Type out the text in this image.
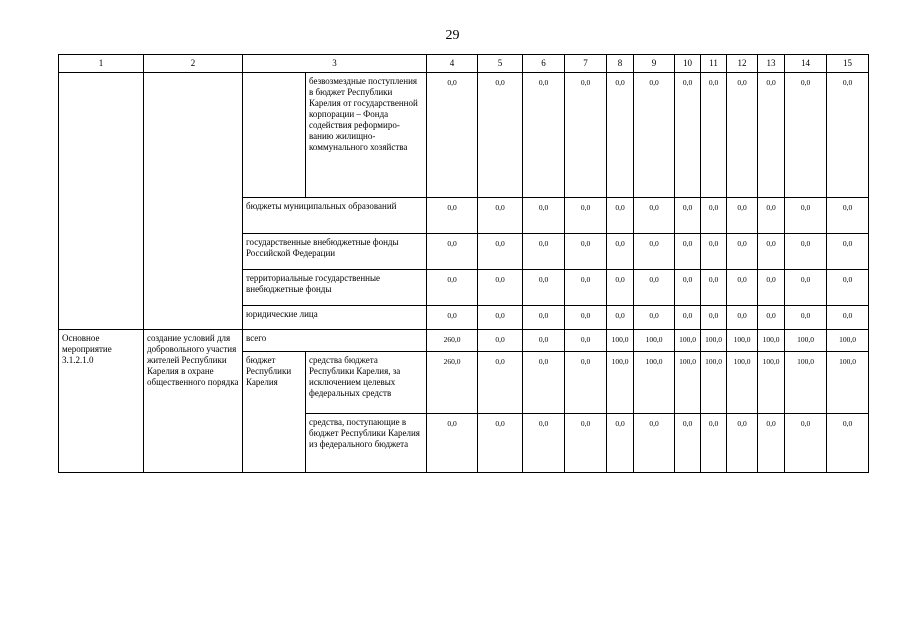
29
1	2	3		4	5	6	7	8	9	10	11	12	13	14	15
			безвозмездные поступления в бюджет Республики Карелия от государственной корпорации – Фонда содействия реформиро-ванию жилищно-коммунального хозяйства	0,0	0,0	0,0	0,0	0,0	0,0	0,0	0,0	0,0	0,0	0,0	0,0
		бюджеты муниципальных образований		0,0	0,0	0,0	0,0	0,0	0,0	0,0	0,0	0,0	0,0	0,0	0,0
		государственные внебюджетные фонды Российской Федерации		0,0	0,0	0,0	0,0	0,0	0,0	0,0	0,0	0,0	0,0	0,0	0,0
		территориальные государственные внебюджетные фонды		0,0	0,0	0,0	0,0	0,0	0,0	0,0	0,0	0,0	0,0	0,0	0,0
		юридические лица		0,0	0,0	0,0	0,0	0,0	0,0	0,0	0,0	0,0	0,0	0,0	0,0
Основное мероприятие 3.1.2.1.0	создание условий для добровольного участия жителей Республики Карелия в охране общественного порядка	всего		260,0	0,0	0,0	0,0	100,0	100,0	100,0	100,0	100,0	100,0	100,0	100,0
		бюджет Республики Карелия	средства бюджета Республики Карелия, за исключением целевых федеральных средств	260,0	0,0	0,0	0,0	100,0	100,0	100,0	100,0	100,0	100,0	100,0	100,0
			средства, поступающие в бюджет Республики Карелия из федерального бюджета	0,0	0,0	0,0	0,0	0,0	0,0	0,0	0,0	0,0	0,0	0,0	0,0
